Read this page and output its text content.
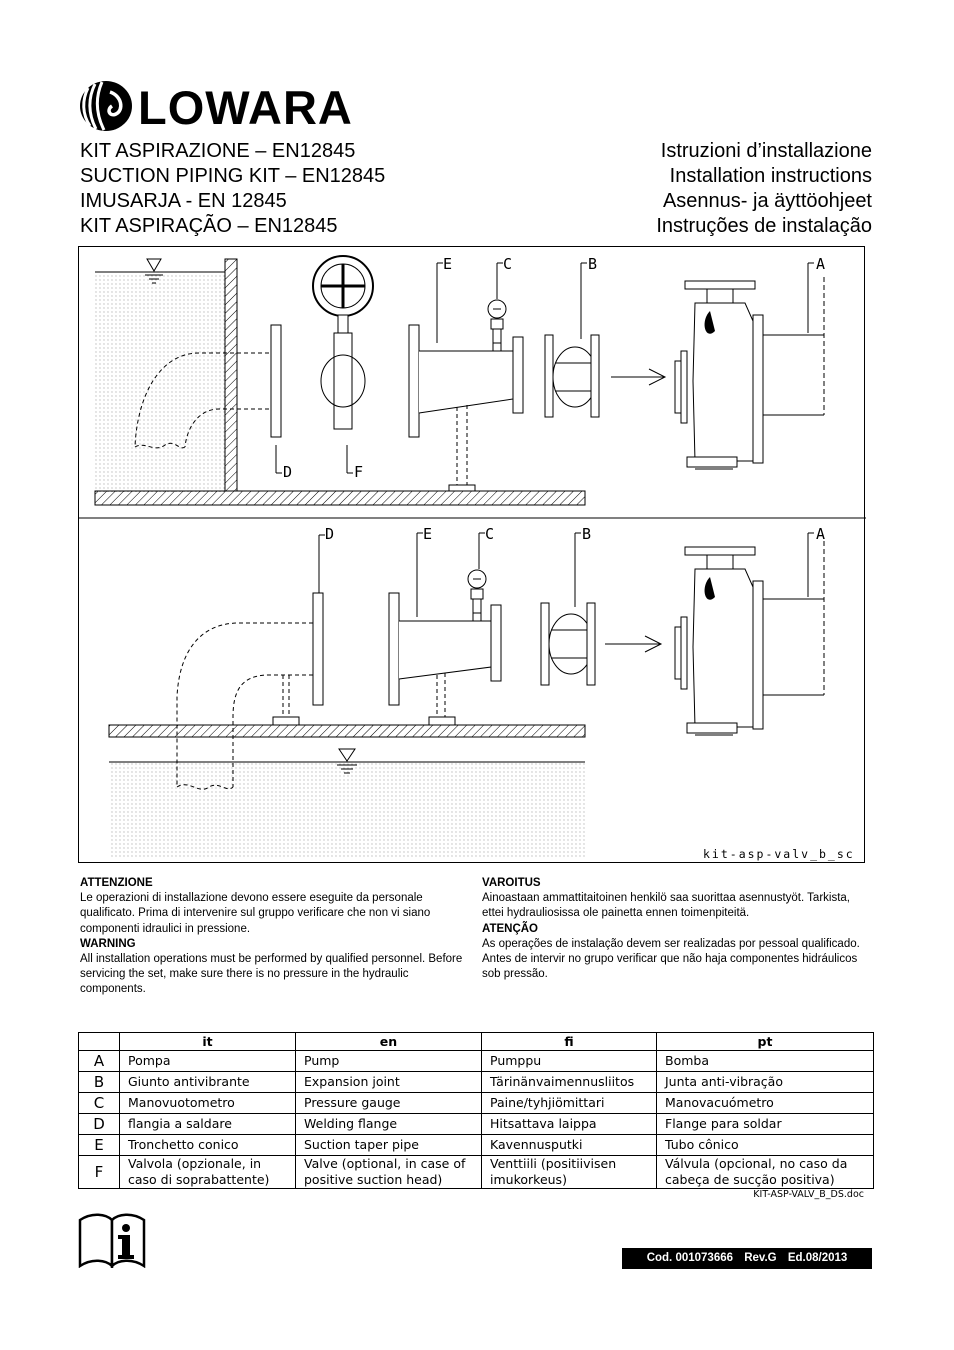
LOWARA
KIT ASPIRAZIONE – EN12845
SUCTION PIPING KIT – EN12845
IMUSARJA - EN 12845
KIT ASPIRAÇÃO – EN12845
Istruzioni d’installazione
Installation instructions
Asennus- ja äyttöohjeet
Instruções de instalação
E	C	B	A
D	F
D	E	C	B	A
kit-asp-valv_b_sc
ATTENZIONE
Le operazioni di installazione devono essere eseguite da personale qualificato. Prima di intervenire sul gruppo verificare che non vi siano componenti idraulici in pressione.
WARNING
All installation operations must be performed by qualified personnel. Before servicing the set, make sure there is no pressure in the hydraulic components.
VAROITUS
Ainoastaan ammattitaitoinen henkilö saa suorittaa asennustyöt. Tarkista, ettei hydrauliosissa ole painetta ennen toimenpiteitä.
ATENÇÃO
As operações de instalação devem ser realizadas por pessoal qualificado. Antes de intervir no grupo verificar que não haja componentes hidráulicos sob pressão.
	it	en	fi	pt
A	Pompa	Pump	Pumppu	Bomba
B	Giunto antivibrante	Expansion joint	Tärinänvaimennusliitos	Junta anti-vibração
C	Manovuotometro	Pressure gauge	Paine/tyhjiömittari	Manovacuómetro
D	flangia a saldare	Welding flange	Hitsattava laippa	Flange para soldar
E	Tronchetto conico	Suction taper pipe	Kavennusputki	Tubo cônico
F	Valvola (opzionale, in caso di soprabattente)	Valve (optional, in case of positive suction head)	Venttiili (positiivisen imukorkeus)	Válvula (opcional, no caso da cabeça de sucção positiva)
KIT-ASP-VALV_B_DS.doc
Cod. 001073666 Rev.G Ed.08/2013
